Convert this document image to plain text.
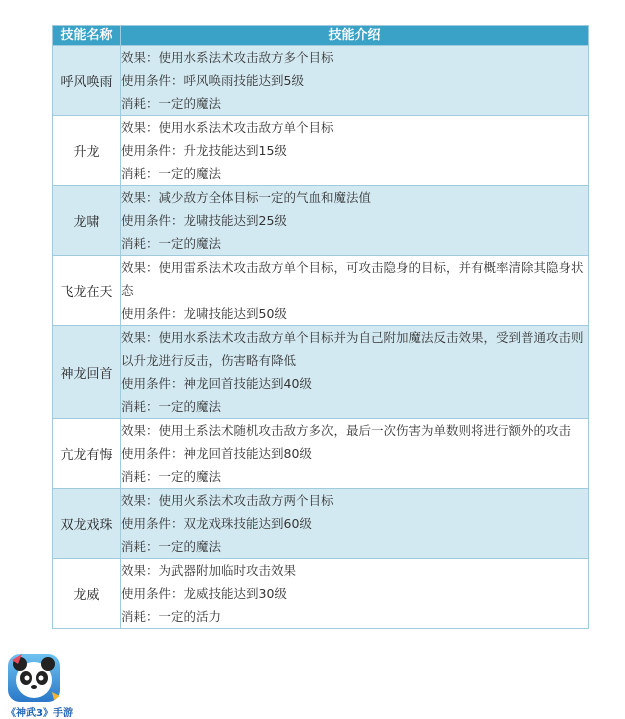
技能名称	技能介绍
呼风唤雨	效果：使用水系法术攻击敌方多个目标
使用条件：呼风唤雨技能达到5级
消耗：一定的魔法

升龙	效果：使用水系法术攻击敌方单个目标
使用条件：升龙技能达到15级
消耗：一定的魔法

龙啸	效果：减少敌方全体目标一定的气血和魔法值
使用条件：龙啸技能达到25级
消耗：一定的魔法

飞龙在天	效果：使用雷系法术攻击敌方单个目标，可攻击隐身的目标，并有概率清除其隐身状态
使用条件：龙啸技能达到50级

神龙回首	效果：使用水系法术攻击敌方单个目标并为自己附加魔法反击效果，受到普通攻击则以升龙进行反击，伤害略有降低
使用条件：神龙回首技能达到40级
消耗：一定的魔法

亢龙有悔	效果：使用土系法术随机攻击敌方多次，最后一次伤害为单数则将进行额外的攻击
使用条件：神龙回首技能达到80级
消耗：一定的魔法

双龙戏珠	效果：使用火系法术攻击敌方两个目标
使用条件：双龙戏珠技能达到60级
消耗：一定的魔法

龙威	效果：为武器附加临时攻击效果
使用条件：龙威技能达到30级
消耗：一定的活力
《神武3》手游
